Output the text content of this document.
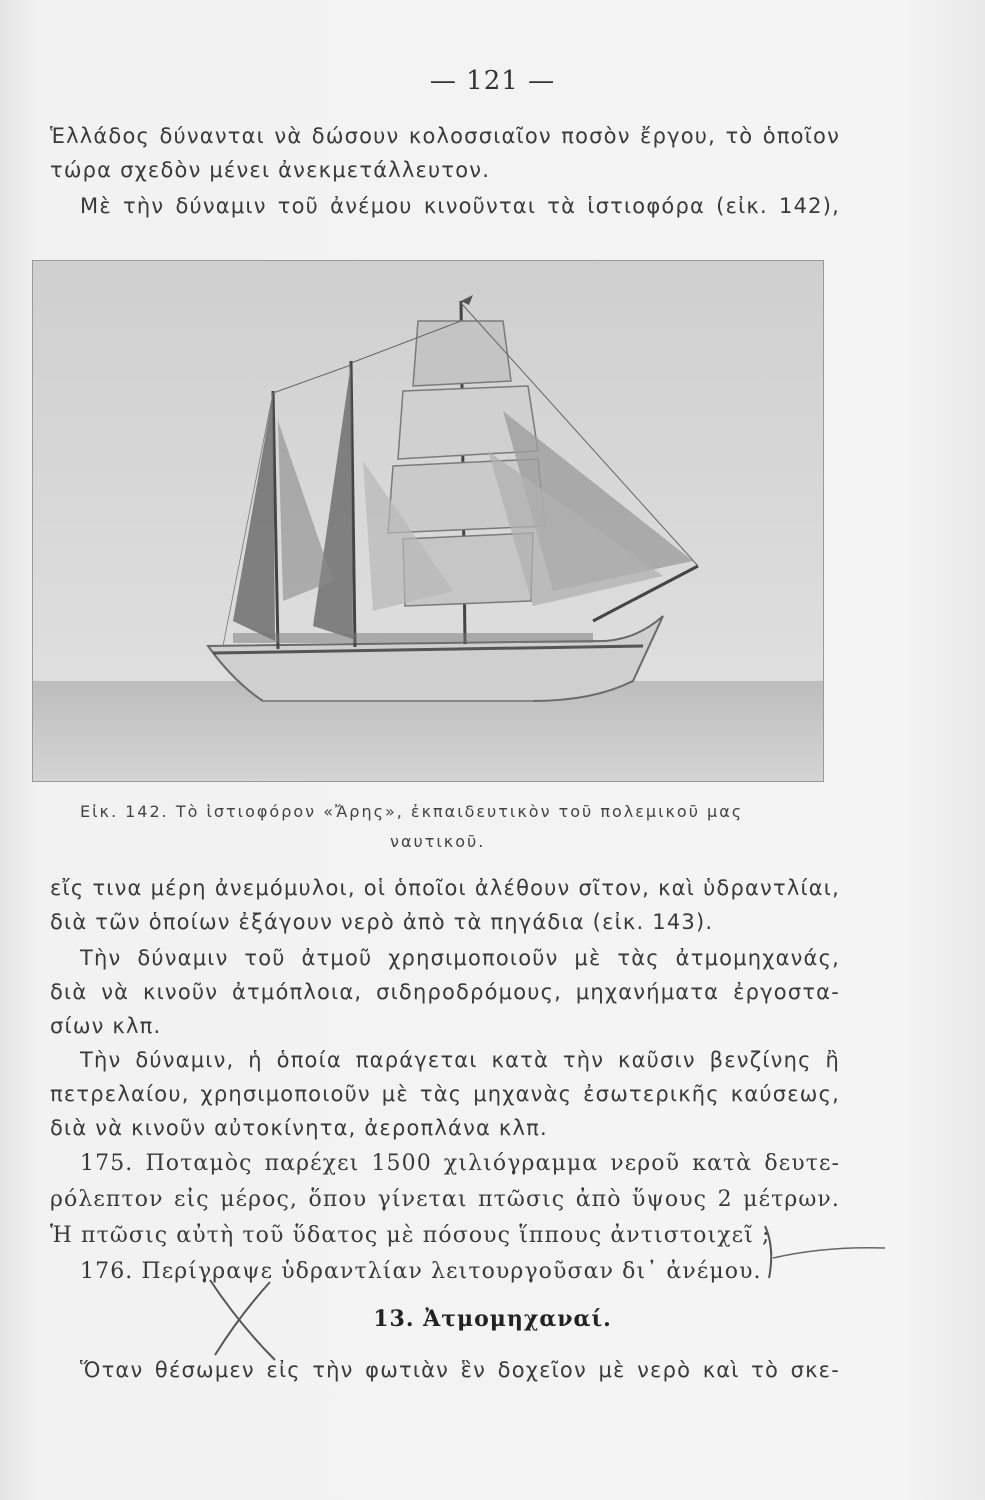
— 121 —
Ἑλλάδος δύνανται νὰ δώσουν κολοσσιαῖον ποσὸν ἔργου, τὸ ὁποῖον
τώρα σχεδὸν μένει ἀνεκμετάλλευτον.
Μὲ τὴν δύναμιν τοῦ ἀνέμου κινοῦνται τὰ ἱστιοφόρα (εἰκ. 142),
Εἰκ. 142. Τὸ ἱστιοφόρον «Ἄρης», ἐκπαιδευτικὸν τοῦ πολεμικοῦ μας
ναυτικοῦ.
εἴς τινα μέρη ἀνεμόμυλοι, οἱ ὁποῖοι ἀλέθουν σῖτον, καὶ ὑδραντλίαι,
διὰ τῶν ὁποίων ἐξάγουν νερὸ ἀπὸ τὰ πηγάδια (εἰκ. 143).
Τὴν δύναμιν τοῦ ἀτμοῦ χρησιμοποιοῦν μὲ τὰς ἀτμομηχανάς,
διὰ νὰ κινοῦν ἀτμόπλοια, σιδηροδρόμους, μηχανήματα ἐργοστα-
σίων κλπ.
Τὴν δύναμιν, ἡ ὁποία παράγεται κατὰ τὴν καῦσιν βενζίνης ἢ
πετρελαίου, χρησιμοποιοῦν μὲ τὰς μηχανὰς ἐσωτερικῆς καύσεως,
διὰ νὰ κινοῦν αὐτοκίνητα, ἀεροπλάνα κλπ.
175. Ποταμὸς παρέχει 1500 χιλιόγραμμα νεροῦ κατὰ δευτε-
ρόλεπτον εἰς μέρος, ὅπου γίνεται πτῶσις ἀπὸ ὕψους 2 μέτρων.
Ἡ πτῶσις αὐτὴ τοῦ ὕδατος μὲ πόσους ἵππους ἀντιστοιχεῖ ;
176. Περίγραψε ὑδραντλίαν λειτουργοῦσαν δι᾽ ἀνέμου.
13. Ἀτμομηχαναί.
Ὅταν θέσωμεν εἰς τὴν φωτιὰν ἓν δοχεῖον μὲ νερὸ καὶ τὸ σκε-
